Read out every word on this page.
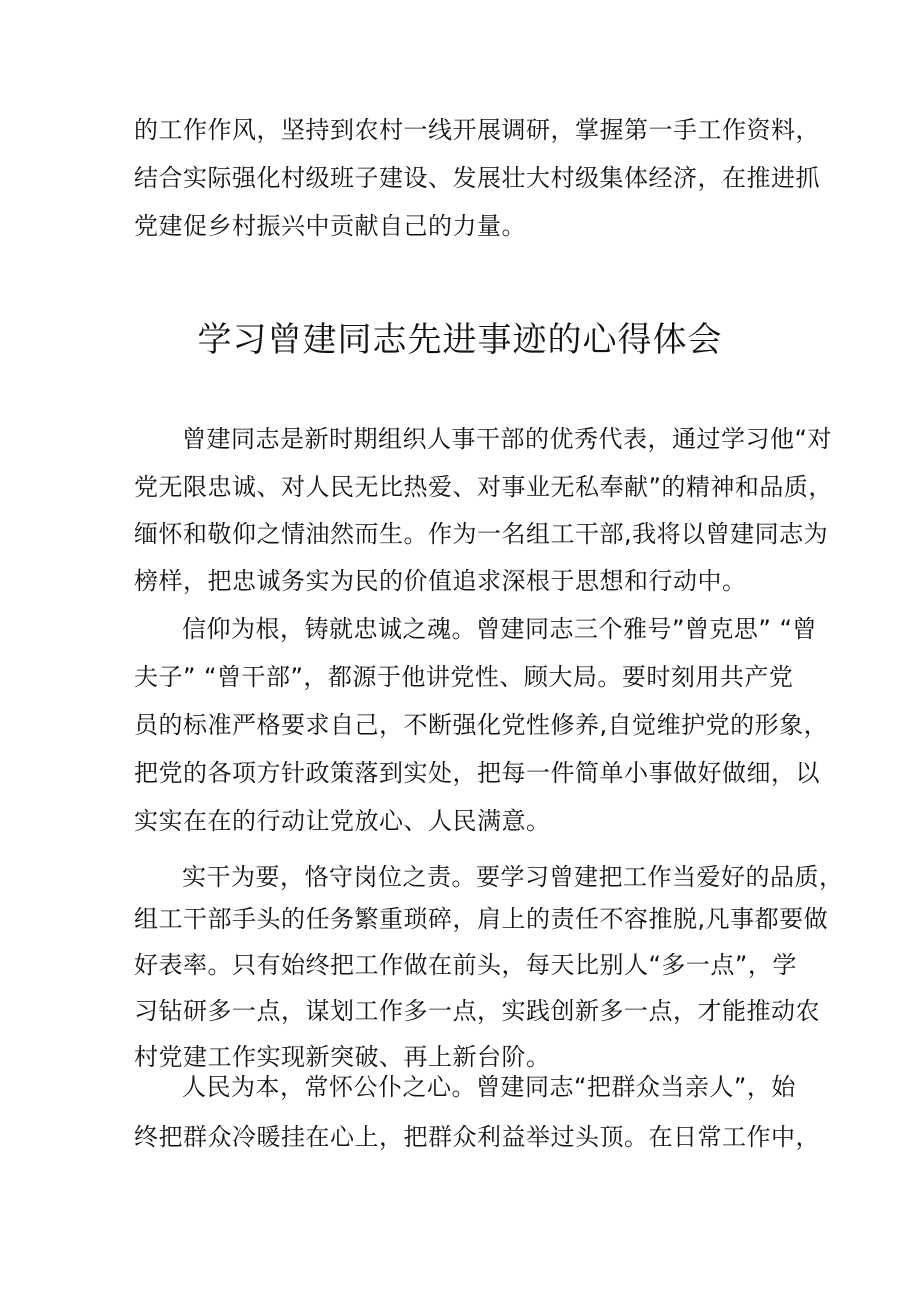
的工作作风，坚持到农村一线开展调研，掌握第一手工作资料，
结合实际强化村级班子建设、发展壮大村级集体经济，在推进抓
党建促乡村振兴中贡献自己的力量。
学习曾建同志先进事迹的心得体会
曾建同志是新时期组织人事干部的优秀代表，通过学习他“对
党无限忠诚、对人民无比热爱、对事业无私奉献”的精神和品质，
缅怀和敬仰之情油然而生。作为一名组工干部,我将以曾建同志为
榜样，把忠诚务实为民的价值追求深根于思想和行动中。
信仰为根，铸就忠诚之魂。曾建同志三个雅号”曾克思” “曾
夫子” “曾干部”，都源于他讲党性、顾大局。要时刻用共产党
员的标准严格要求自己，不断强化党性修养,自觉维护党的形象，
把党的各项方针政策落到实处，把每一件简单小事做好做细，以
实实在在的行动让党放心、人民满意。
实干为要，恪守岗位之责。要学习曾建把工作当爱好的品质，
组工干部手头的任务繁重琐碎，肩上的责任不容推脱,凡事都要做
好表率。只有始终把工作做在前头，每天比别人“多一点”，学
习钻研多一点，谋划工作多一点，实践创新多一点，才能推动农
村党建工作实现新突破、再上新台阶。
人民为本，常怀公仆之心。曾建同志“把群众当亲人”，始
终把群众冷暖挂在心上，把群众利益举过头顶。在日常工作中，
